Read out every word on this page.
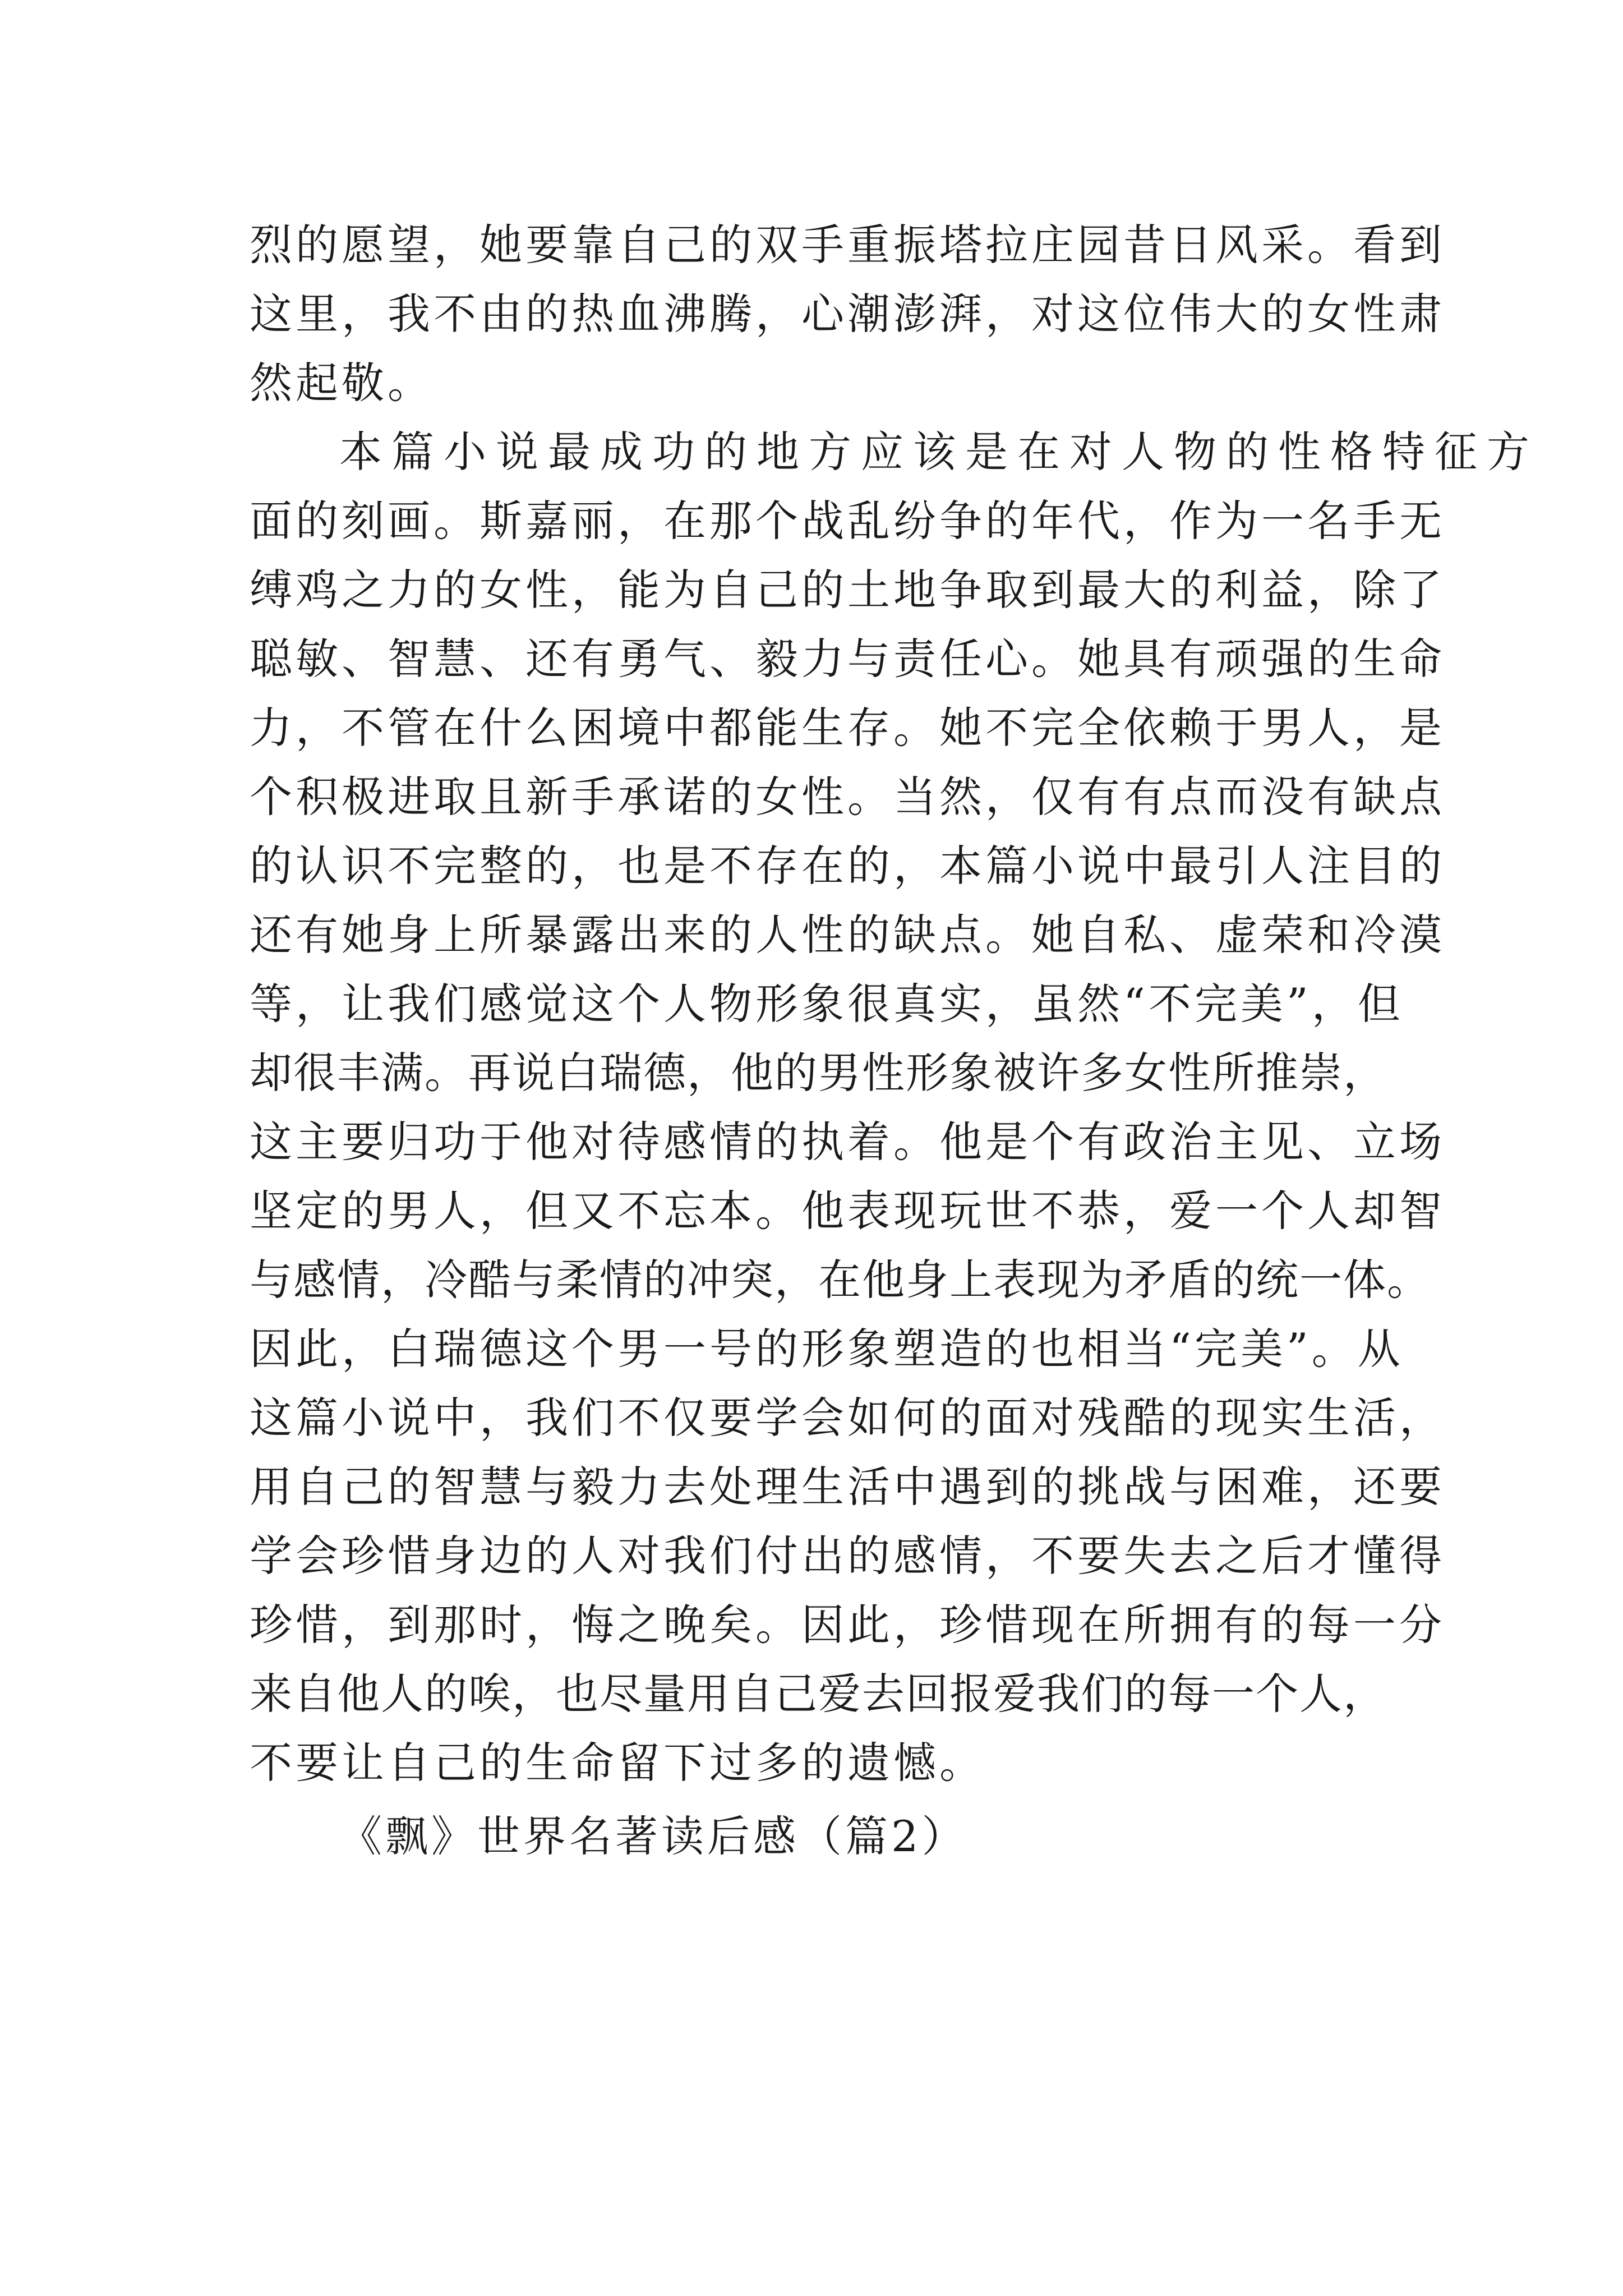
烈的愿望，她要靠自己的双手重振塔拉庄园昔日风采。看到
这里，我不由的热血沸腾，心潮澎湃，对这位伟大的女性肃
然起敬。
本篇小说最成功的地方应该是在对人物的性格特征方
面的刻画。斯嘉丽，在那个战乱纷争的年代，作为一名手无
缚鸡之力的女性，能为自己的土地争取到最大的利益，除了
聪敏、智慧、还有勇气、毅力与责任心。她具有顽强的生命
力，不管在什么困境中都能生存。她不完全依赖于男人，是
个积极进取且新手承诺的女性。当然，仅有有点而没有缺点
的认识不完整的，也是不存在的，本篇小说中最引人注目的
还有她身上所暴露出来的人性的缺点。她自私、虚荣和冷漠
等，让我们感觉这个人物形象很真实，虽然“不完美”，但
却很丰满。再说白瑞德，他的男性形象被许多女性所推崇，
这主要归功于他对待感情的执着。他是个有政治主见、立场
坚定的男人，但又不忘本。他表现玩世不恭，爱一个人却智
与感情，冷酷与柔情的冲突，在他身上表现为矛盾的统一体。
因此，白瑞德这个男一号的形象塑造的也相当“完美”。从
这篇小说中，我们不仅要学会如何的面对残酷的现实生活，
用自己的智慧与毅力去处理生活中遇到的挑战与困难，还要
学会珍惜身边的人对我们付出的感情，不要失去之后才懂得
珍惜，到那时，悔之晚矣。因此，珍惜现在所拥有的每一分
来自他人的唉，也尽量用自己爱去回报爱我们的每一个人，
不要让自己的生命留下过多的遗憾。
《飘》世界名著读后感（篇2）
